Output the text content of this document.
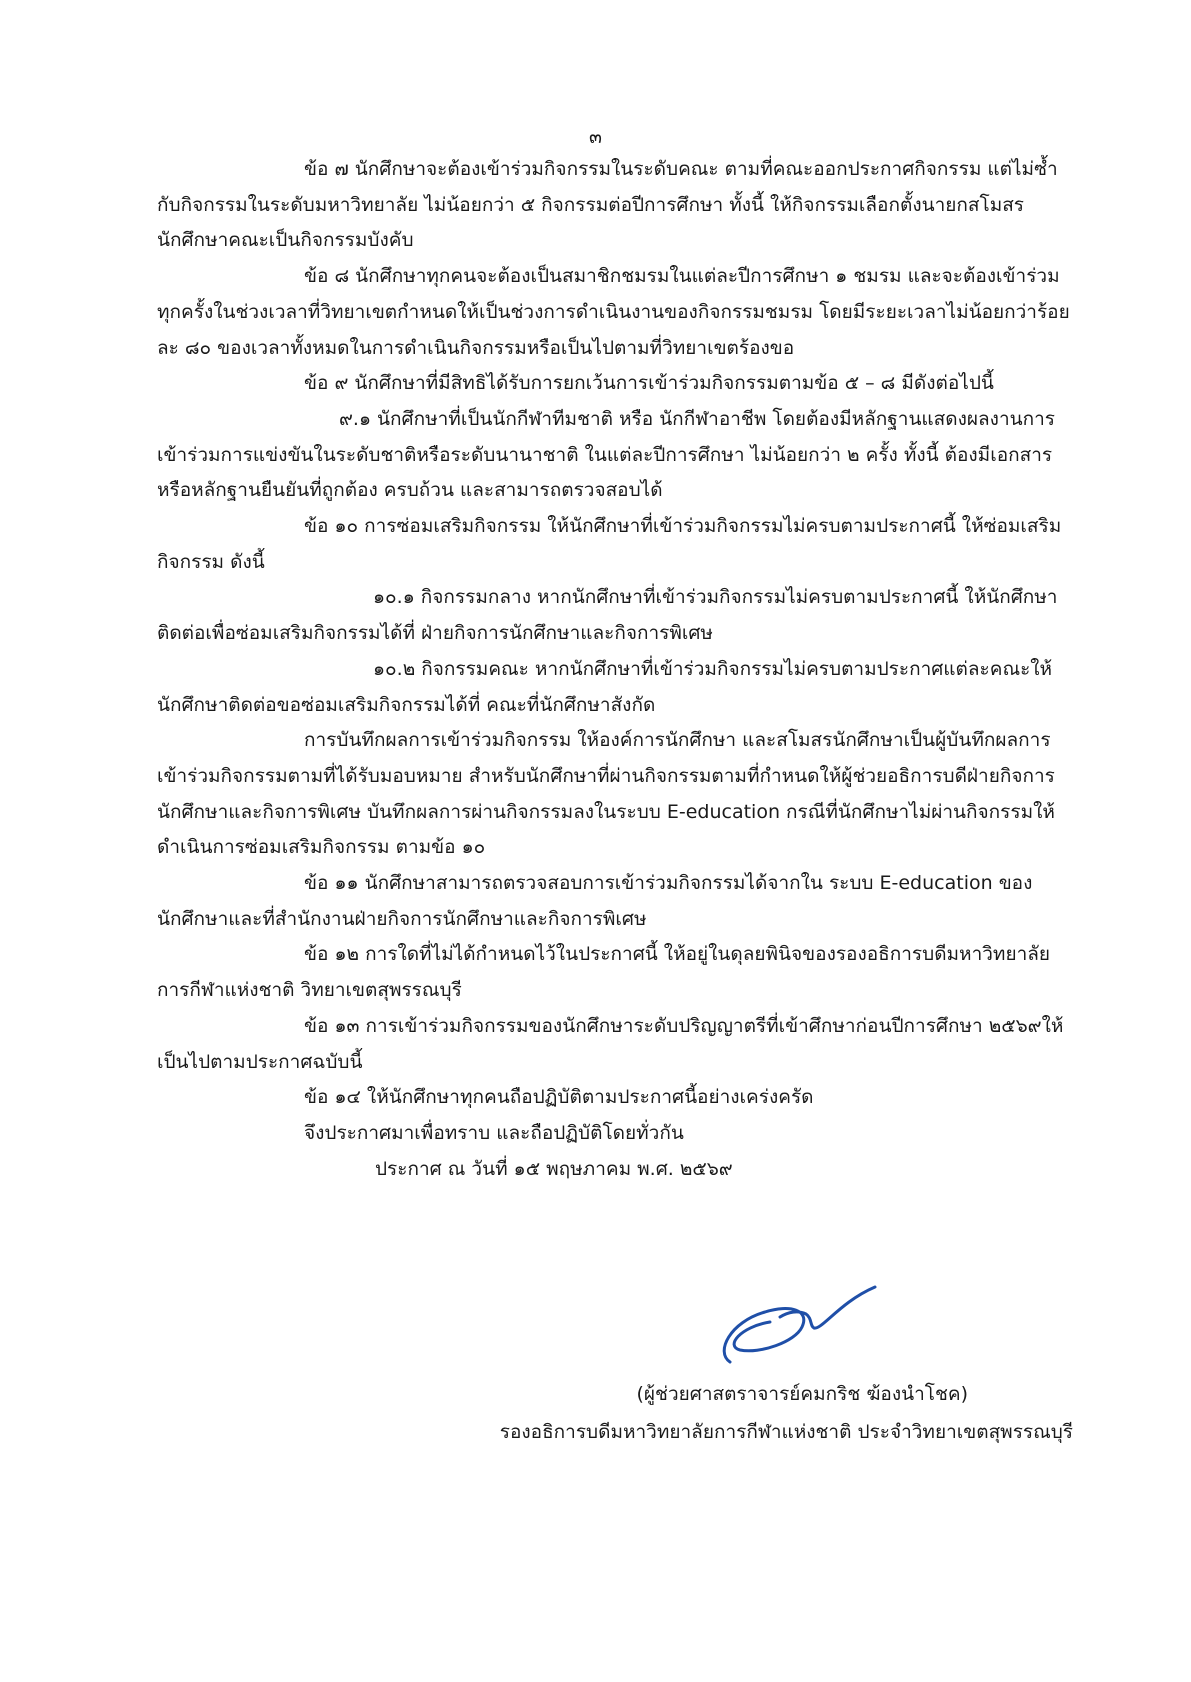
๓

ข้อ ๗ นักศึกษาจะต้องเข้าร่วมกิจกรรมในระดับคณะ ตามที่คณะออกประกาศกิจกรรม แต่ไม่ซ้ำกับกิจกรรมในระดับมหาวิทยาลัย ไม่น้อยกว่า ๕ กิจกรรมต่อปีการศึกษา ทั้งนี้ ให้กิจกรรมเลือกตั้งนายกสโมสรนักศึกษาคณะเป็นกิจกรรมบังคับ

ข้อ ๘ นักศึกษาทุกคนจะต้องเป็นสมาชิกชมรมในแต่ละปีการศึกษา ๑ ชมรม และจะต้องเข้าร่วมทุกครั้งในช่วงเวลาที่วิทยาเขตกำหนดให้เป็นช่วงการดำเนินงานของกิจกรรมชมรม โดยมีระยะเวลาไม่น้อยกว่าร้อยละ ๘๐ ของเวลาทั้งหมดในการดำเนินกิจกรรมหรือเป็นไปตามที่วิทยาเขตร้องขอ

ข้อ ๙ นักศึกษาที่มีสิทธิได้รับการยกเว้นการเข้าร่วมกิจกรรมตามข้อ ๕ – ๘ มีดังต่อไปนี้

๙.๑ นักศึกษาที่เป็นนักกีฬาทีมชาติ หรือ นักกีฬาอาชีพ โดยต้องมีหลักฐานแสดงผลงานการเข้าร่วมการแข่งขันในระดับชาติหรือระดับนานาชาติ ในแต่ละปีการศึกษา ไม่น้อยกว่า ๒ ครั้ง ทั้งนี้ ต้องมีเอกสารหรือหลักฐานยืนยันที่ถูกต้อง ครบถ้วน และสามารถตรวจสอบได้

ข้อ ๑๐ การซ่อมเสริมกิจกรรม ให้นักศึกษาที่เข้าร่วมกิจกรรมไม่ครบตามประกาศนี้ ให้ซ่อมเสริมกิจกรรม ดังนี้

๑๐.๑ กิจกรรมกลาง หากนักศึกษาที่เข้าร่วมกิจกรรมไม่ครบตามประกาศนี้ ให้นักศึกษาติดต่อเพื่อซ่อมเสริมกิจกรรมได้ที่ ฝ่ายกิจการนักศึกษาและกิจการพิเศษ

๑๐.๒ กิจกรรมคณะ หากนักศึกษาที่เข้าร่วมกิจกรรมไม่ครบตามประกาศแต่ละคณะให้นักศึกษาติดต่อขอซ่อมเสริมกิจกรรมได้ที่ คณะที่นักศึกษาสังกัด

การบันทึกผลการเข้าร่วมกิจกรรม ให้องค์การนักศึกษา และสโมสรนักศึกษาเป็นผู้บันทึกผลการเข้าร่วมกิจกรรมตามที่ได้รับมอบหมาย สำหรับนักศึกษาที่ผ่านกิจกรรมตามที่กำหนดให้ผู้ช่วยอธิการบดีฝ่ายกิจการนักศึกษาและกิจการพิเศษ บันทึกผลการผ่านกิจกรรมลงในระบบ E-education กรณีที่นักศึกษาไม่ผ่านกิจกรรมให้ดำเนินการซ่อมเสริมกิจกรรม ตามข้อ ๑๐

ข้อ ๑๑ นักศึกษาสามารถตรวจสอบการเข้าร่วมกิจกรรมได้จากใน ระบบ E-education ของนักศึกษาและที่สำนักงานฝ่ายกิจการนักศึกษาและกิจการพิเศษ

ข้อ ๑๒ การใดที่ไม่ได้กำหนดไว้ในประกาศนี้ ให้อยู่ในดุลยพินิจของรองอธิการบดีมหาวิทยาลัยการกีฬาแห่งชาติ วิทยาเขตสุพรรณบุรี

ข้อ ๑๓ การเข้าร่วมกิจกรรมของนักศึกษาระดับปริญญาตรีที่เข้าศึกษาก่อนปีการศึกษา ๒๕๖๙ให้เป็นไปตามประกาศฉบับนี้

ข้อ ๑๔ ให้นักศึกษาทุกคนถือปฏิบัติตามประกาศนี้อย่างเคร่งครัด

จึงประกาศมาเพื่อทราบ และถือปฏิบัติโดยทั่วกัน

ประกาศ ณ วันที่ ๑๕ พฤษภาคม พ.ศ. ๒๕๖๙

(ผู้ช่วยศาสตราจารย์คมกริช ฆ้องนำโชค)
รองอธิการบดีมหาวิทยาลัยการกีฬาแห่งชาติ ประจำวิทยาเขตสุพรรณบุรี
